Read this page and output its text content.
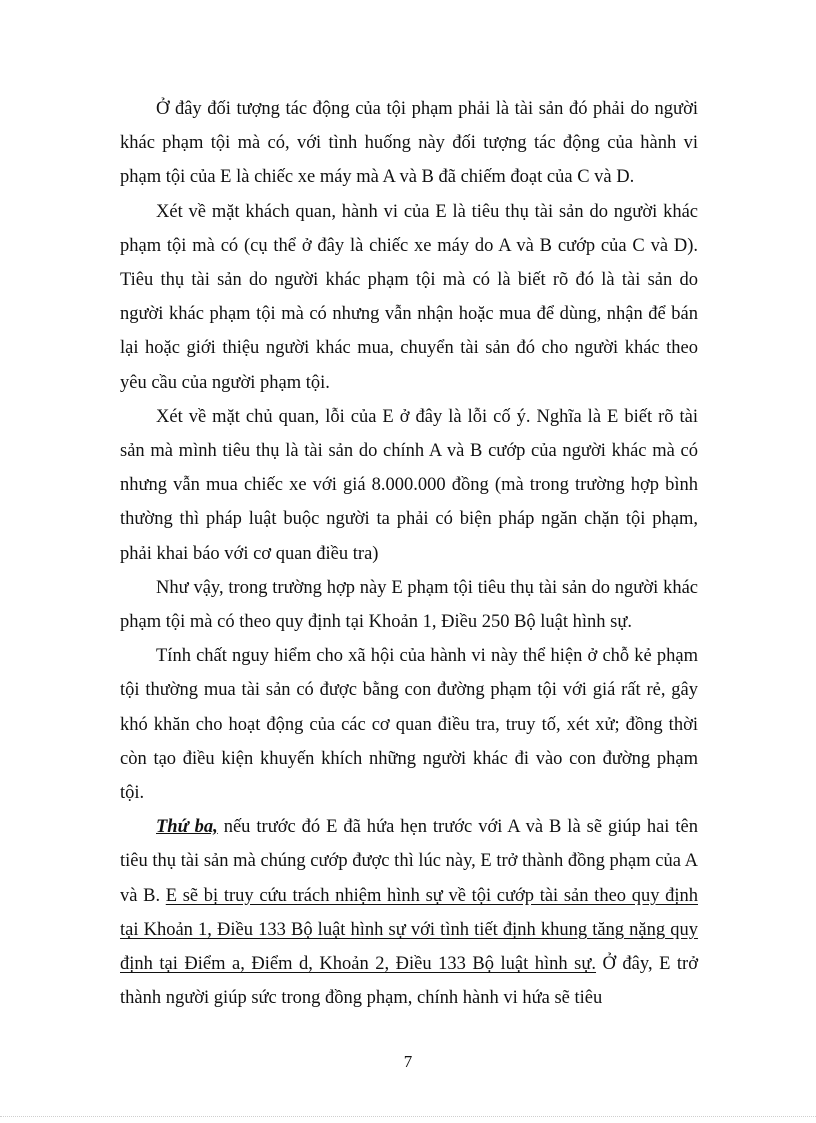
Ở đây đối tượng tác động của tội phạm phải là tài sản đó phải do người khác phạm tội mà có, với tình huống này đối tượng tác động của hành vi phạm tội của E là chiếc xe máy mà A và B đã chiếm đoạt của C và D.

Xét về mặt khách quan, hành vi của E là tiêu thụ tài sản do người khác phạm tội mà có (cụ thể ở đây là chiếc xe máy do A và B cướp của C và D). Tiêu thụ tài sản do người khác phạm tội mà có là biết rõ đó là tài sản do người khác phạm tội mà có nhưng vẫn nhận hoặc mua để dùng, nhận để bán lại hoặc giới thiệu người khác mua, chuyển tài sản đó cho người khác theo yêu cầu của người phạm tội.

Xét về mặt chủ quan, lỗi của E ở đây là lỗi cố ý. Nghĩa là E biết rõ tài sản mà mình tiêu thụ là tài sản do chính A và B cướp của người khác mà có nhưng vẫn mua chiếc xe với giá 8.000.000 đồng (mà trong trường hợp bình thường thì pháp luật buộc người ta phải có biện pháp ngăn chặn tội phạm, phải khai báo với cơ quan điều tra)

Như vậy, trong trường hợp này E phạm tội tiêu thụ tài sản do người khác phạm tội mà có theo quy định tại Khoản 1, Điều 250 Bộ luật hình sự.

Tính chất nguy hiểm cho xã hội của hành vi này thể hiện ở chỗ kẻ phạm tội thường mua tài sản có được bằng con đường phạm tội với giá rất rẻ, gây khó khăn cho hoạt động của các cơ quan điều tra, truy tố, xét xử; đồng thời còn tạo điều kiện khuyến khích những người khác đi vào con đường phạm tội.

Thứ ba, nếu trước đó E đã hứa hẹn trước với A và B là sẽ giúp hai tên tiêu thụ tài sản mà chúng cướp được thì lúc này, E trở thành đồng phạm của A và B. E sẽ bị truy cứu trách nhiệm hình sự về tội cướp tài sản theo quy định tại Khoản 1, Điều 133 Bộ luật hình sự với tình tiết định khung tăng nặng quy định tại Điểm a, Điểm d, Khoản 2, Điều 133 Bộ luật hình sự. Ở đây, E trở thành người giúp sức trong đồng phạm, chính hành vi hứa sẽ tiêu

7
